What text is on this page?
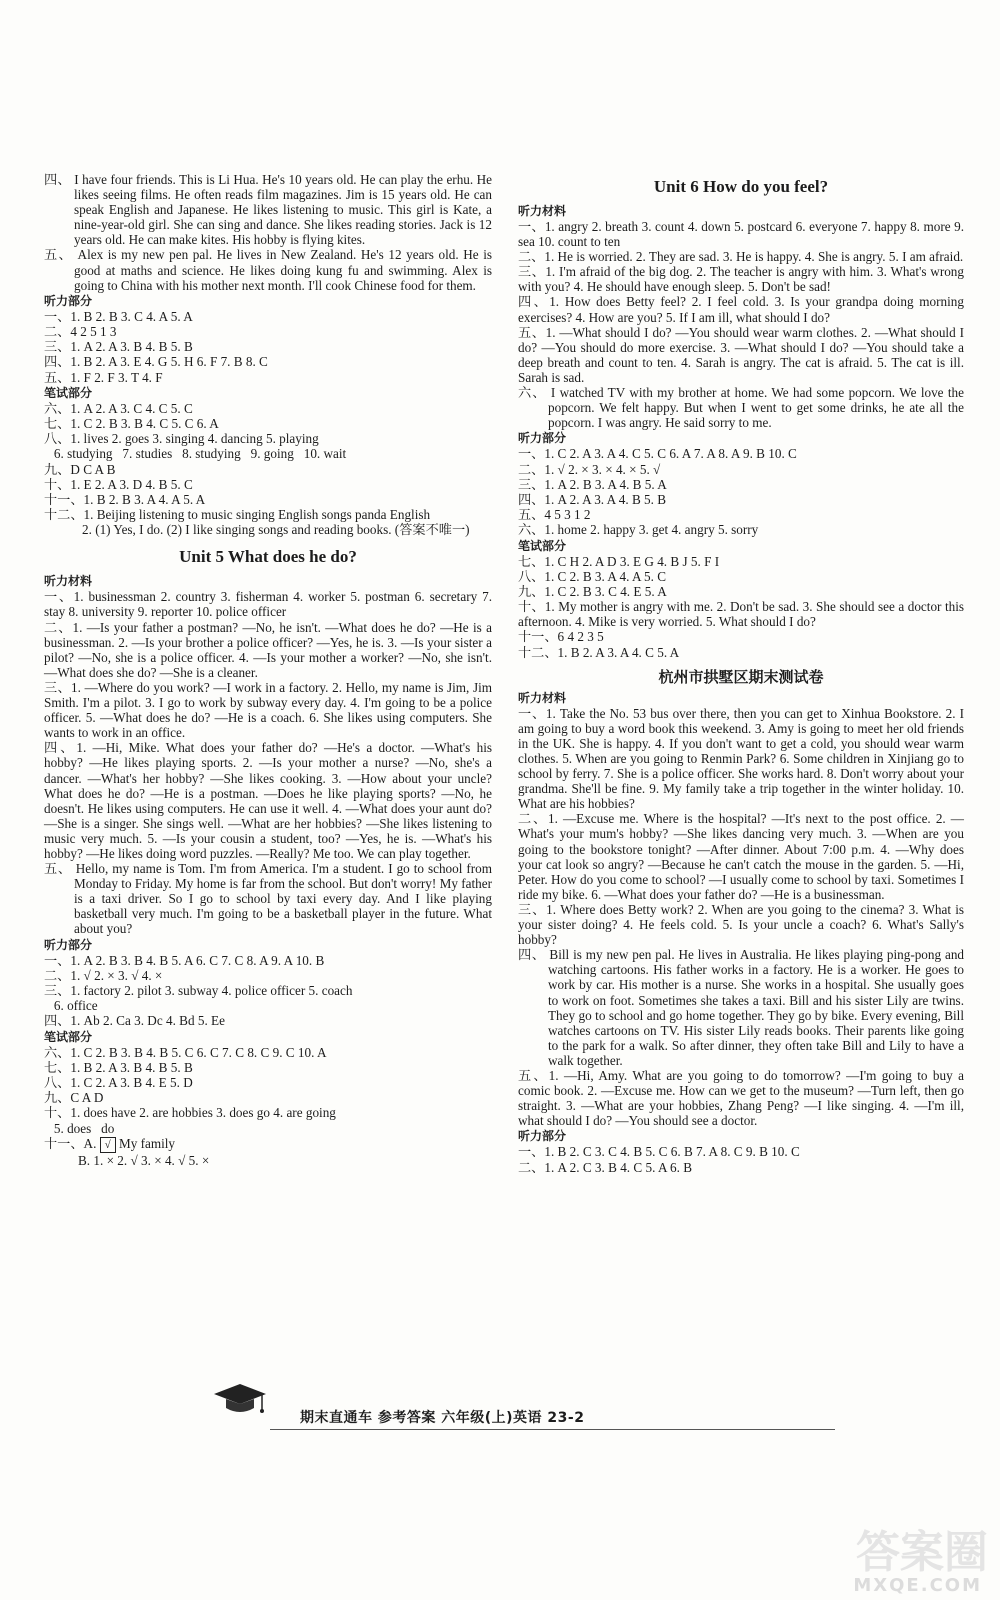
四、 I have four friends. This is Li Hua. He's 10 years old. He can play the erhu. He likes seeing films. He often reads film magazines. Jim is 15 years old. He can speak English and Japanese. He likes listening to music. This girl is Kate, a nine-year-old girl. She can sing and dance. She likes reading stories. Jack is 12 years old. He can make kites. His hobby is flying kites.

五、 Alex is my new pen pal. He lives in New Zealand. He's 12 years old. He is good at maths and science. He likes doing kung fu and swimming. Alex is going to China with his mother next month. I'll cook Chinese food for them.

听力部分
一、1. B 2. B 3. C 4. A 5. A
二、4 2 5 1 3
三、1. A 2. A 3. B 4. B 5. B
四、1. B 2. A 3. E 4. G 5. H 6. F 7. B 8. C
五、1. F 2. F 3. T 4. F
笔试部分
六、1. A 2. A 3. C 4. C 5. C
七、1. C 2. B 3. B 4. C 5. C 6. A
八、1. lives 2. goes 3. singing 4. dancing 5. playing
6. studying   7. studies   8. studying   9. going   10. wait
九、D C A B
十、1. E 2. A 3. D 4. B 5. C
十一、1. B 2. B 3. A 4. A 5. A

十二、1. Beijing listening to music singing English songs panda English

2. (1) Yes, I do. (2) I like singing songs and reading books. (答案不唯一)

Unit 5 What does he do?
听力材料

一、1. businessman 2. country 3. fisherman 4. worker 5. postman 6. secretary 7. stay 8. university 9. reporter 10. police officer

二、1. —Is your father a postman? —No, he isn't. —What does he do? —He is a businessman. 2. —Is your brother a police officer? —Yes, he is. 3. —Is your sister a pilot? —No, she is a police officer. 4. —Is your mother a worker? —No, she isn't. —What does she do? —She is a cleaner.

三、1. —Where do you work? —I work in a factory. 2. Hello, my name is Jim, Jim Smith. I'm a pilot. 3. I go to work by subway every day. 4. I'm going to be a police officer. 5. —What does he do? —He is a coach. 6. She likes using computers. She wants to work in an office.

四、1. —Hi, Mike. What does your father do? —He's a doctor. —What's his hobby? —He likes playing sports. 2. —Is your mother a nurse? —No, she's a dancer. —What's her hobby? —She likes cooking. 3. —How about your uncle? What does he do? —He is a postman. —Does he like playing sports? —No, he doesn't. He likes using computers. He can use it well. 4. —What does your aunt do? —She is a singer. She sings well. —What are her hobbies? —She likes listening to music very much. 5. —Is your cousin a student, too? —Yes, he is. —What's his hobby? —He likes doing word puzzles. —Really? Me too. We can play together.

五、 Hello, my name is Tom. I'm from America. I'm a student. I go to school from Monday to Friday. My home is far from the school. But don't worry! My father is a taxi driver. So I go to school by taxi every day. And I like playing basketball very much. I'm going to be a basketball player in the future. What about you?

听力部分
一、1. A 2. B 3. B 4. B 5. A 6. C 7. C 8. A 9. A 10. B
二、1. √ 2. × 3. √ 4. ×
三、1. factory 2. pilot 3. subway 4. police officer 5. coach
6. office
四、1. Ab 2. Ca 3. Dc 4. Bd 5. Ee
笔试部分
六、1. C 2. B 3. B 4. B 5. C 6. C 7. C 8. C 9. C 10. A
七、1. B 2. A 3. B 4. B 5. B
八、1. C 2. A 3. B 4. E 5. D
九、C A D
十、1. does have 2. are hobbies 3. does go 4. are going
5. does   do
十一、A. √ My family
B. 1. × 2. √ 3. × 4. √ 5. ×
Unit 6 How do you feel?
听力材料

一、1. angry 2. breath 3. count 4. down 5. postcard 6. everyone 7. happy 8. more 9. sea 10. count to ten

二、1. He is worried. 2. They are sad. 3. He is happy. 4. She is angry. 5. I am afraid.

三、1. I'm afraid of the big dog. 2. The teacher is angry with him. 3. What's wrong with you? 4. He should have enough sleep. 5. Don't be sad!

四、1. How does Betty feel? 2. I feel cold. 3. Is your grandpa doing morning exercises? 4. How are you? 5. If I am ill, what should I do?

五、1. —What should I do? —You should wear warm clothes. 2. —What should I do? —You should do more exercise. 3. —What should I do? —You should take a deep breath and count to ten. 4. Sarah is angry. The cat is afraid. 5. The cat is ill. Sarah is sad.

六、 I watched TV with my brother at home. We had some popcorn. We love the popcorn. We felt happy. But when I went to get some drinks, he ate all the popcorn. I was angry. He said sorry to me.

听力部分
一、1. C 2. A 3. A 4. C 5. C 6. A 7. A 8. A 9. B 10. C
二、1. √ 2. × 3. × 4. × 5. √
三、1. A 2. B 3. A 4. B 5. A
四、1. A 2. A 3. A 4. B 5. B
五、4 5 3 1 2
六、1. home 2. happy 3. get 4. angry 5. sorry
笔试部分
七、1. C H 2. A D 3. E G 4. B J 5. F I
八、1. C 2. B 3. A 4. A 5. C
九、1. C 2. B 3. C 4. E 5. A

十、1. My mother is angry with me. 2. Don't be sad. 3. She should see a doctor this afternoon. 4. Mike is very worried. 5. What should I do?

十一、6 4 2 3 5
十二、1. B 2. A 3. A 4. C 5. A
杭州市拱墅区期末测试卷
听力材料

一、1. Take the No. 53 bus over there, then you can get to Xinhua Bookstore. 2. I am going to buy a word book this weekend. 3. Amy is going to meet her old friends in the UK. She is happy. 4. If you don't want to get a cold, you should wear warm clothes. 5. When are you going to Renmin Park? 6. Some children in Xinjiang go to school by ferry. 7. She is a police officer. She works hard. 8. Don't worry about your grandma. She'll be fine. 9. My family take a trip together in the winter holiday. 10. What are his hobbies?

二、1. —Excuse me. Where is the hospital? —It's next to the post office. 2. —What's your mum's hobby? —She likes dancing very much. 3. —When are you going to the bookstore tonight? —After dinner. About 7:00 p.m. 4. —Why does your cat look so angry? —Because he can't catch the mouse in the garden. 5. —Hi, Peter. How do you come to school? —I usually come to school by taxi. Sometimes I ride my bike. 6. —What does your father do? —He is a businessman.

三、1. Where does Betty work? 2. When are you going to the cinema? 3. What is your sister doing? 4. He feels cold. 5. Is your uncle a coach? 6. What's Sally's hobby?

四、 Bill is my new pen pal. He lives in Australia. He likes playing ping-pong and watching cartoons. His father works in a factory. He is a worker. He goes to work by car. His mother is a nurse. She works in a hospital. She usually goes to work on foot. Sometimes she takes a taxi. Bill and his sister Lily are twins. They go to school and go home together. They go by bike. Every evening, Bill watches cartoons on TV. His sister Lily reads books. Their parents like going to the park for a walk. So after dinner, they often take Bill and Lily to have a walk together.

五、1. —Hi, Amy. What are you going to do tomorrow? —I'm going to buy a comic book. 2. —Excuse me. How can we get to the museum? —Turn left, then go straight. 3. —What are your hobbies, Zhang Peng? —I like singing. 4. —I'm ill, what should I do? —You should see a doctor.

听力部分
一、1. B 2. C 3. C 4. B 5. C 6. B 7. A 8. C 9. B 10. C
二、1. A 2. C 3. B 4. C 5. A 6. B
期末直通车 参考答案 六年级(上)英语 23-2
答案圈
MXQE.COM
